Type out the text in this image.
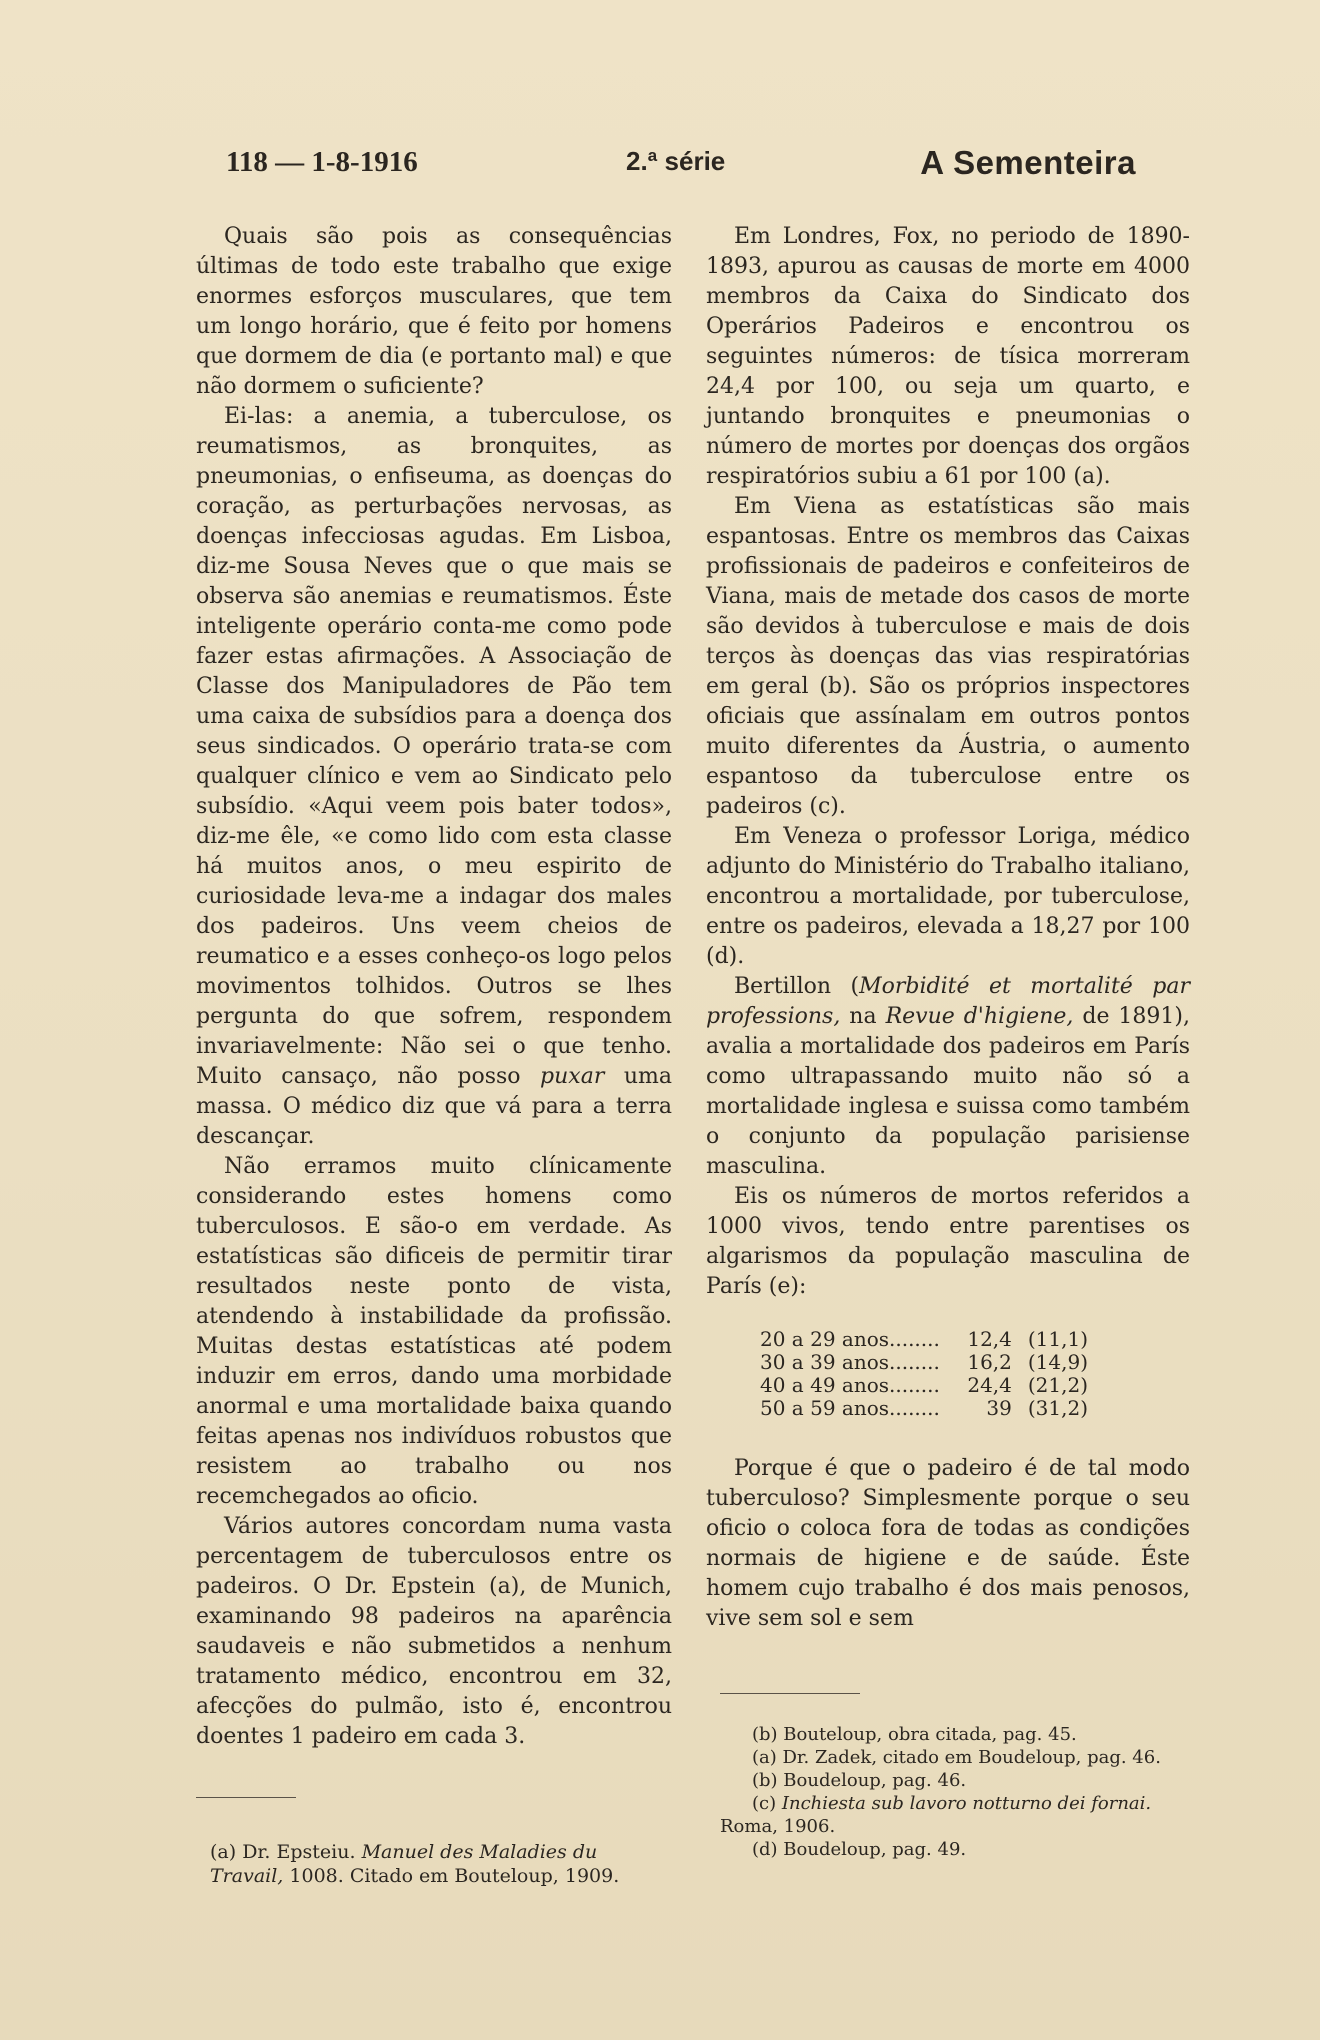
118 — 1-8-1916	2.ª série	A Sementeira

Quais são pois as consequências últimas de todo este trabalho que exige enormes esforços musculares, que tem um longo horário, que é feito por homens que dormem de dia (e portanto mal) e que não dormem o suficiente?

Ei-las: a anemia, a tuberculose, os reumatismos, as bronquites, as pneumonias, o enfiseuma, as doenças do coração, as perturbações nervosas, as doenças infecciosas agudas. Em Lisboa, diz-me Sousa Neves que o que mais se observa são anemias e reumatismos. Éste inteligente operário conta-me como pode fazer estas afirmações. A Associação de Classe dos Manipuladores de Pão tem uma caixa de subsídios para a doença dos seus sindicados. O operário trata-se com qualquer clínico e vem ao Sindicato pelo subsídio. «Aqui veem pois bater todos», diz-me êle, «e como lido com esta classe há muitos anos, o meu espirito de curiosidade leva-me a indagar dos males dos padeiros. Uns veem cheios de reumatico e a esses conheço-os logo pelos movimentos tolhidos. Outros se lhes pergunta do que sofrem, respondem invariavelmente: Não sei o que tenho. Muito cansaço, não posso puxar uma massa. O médico diz que vá para a terra descançar.

Não erramos muito clínicamente considerando estes homens como tuberculosos. E são-o em verdade. As estatísticas são dificeis de permitir tirar resultados neste ponto de vista, atendendo à instabilidade da profissão. Muitas destas estatísticas até podem induzir em erros, dando uma morbidade anormal e uma mortalidade baixa quando feitas apenas nos indivíduos robustos que resistem ao trabalho ou nos recemchegados ao oficio.

Vários autores concordam numa vasta percentagem de tuberculosos entre os padeiros. O Dr. Epstein (a), de Munich, examinando 98 padeiros na aparência saudaveis e não submetidos a nenhum tratamento médico, encontrou em 32, afecções do pulmão, isto é, encontrou doentes 1 padeiro em cada 3.

(a) Dr. Epsteiu. Manuel des Maladies du Travail, 1008. Citado em Bouteloup, 1909.

Em Londres, Fox, no periodo de 1890-1893, apurou as causas de morte em 4000 membros da Caixa do Sindicato dos Operários Padeiros e encontrou os seguintes números: de tísica morreram 24,4 por 100, ou seja um quarto, e juntando bronquites e pneumonias o número de mortes por doenças dos orgãos respiratórios subiu a 61 por 100 (a).

Em Viena as estatísticas são mais espantosas. Entre os membros das Caixas profissionais de padeiros e confeiteiros de Viana, mais de metade dos casos de morte são devidos à tuberculose e mais de dois terços às doenças das vias respiratórias em geral (b). São os próprios inspectores oficiais que assínalam em outros pontos muito diferentes da Áustria, o aumento espantoso da tuberculose entre os padeiros (c).

Em Veneza o professor Loriga, médico adjunto do Ministério do Trabalho italiano, encontrou a mortalidade, por tuberculose, entre os padeiros, elevada a 18,27 por 100 (d).

Bertillon (Morbidité et mortalité par professions, na Revue d'higiene, de 1891), avalia a mortalidade dos padeiros em París como ultrapassando muito não só a mortalidade inglesa e suissa como também o conjunto da população parisiense masculina.

Eis os números de mortos referidos a 1000 vivos, tendo entre parentises os algarismos da população masculina de París (e):

20 a 29 anos........	12,4	(11,1)
30 a 39 anos........	16,2	(14,9)
40 a 49 anos........	24,4	(21,2)
50 a 59 anos........	39	(31,2)

Porque é que o padeiro é de tal modo tuberculoso? Simplesmente porque o seu oficio o coloca fora de todas as condições normais de higiene e de saúde. Éste homem cujo trabalho é dos mais penosos, vive sem sol e sem

(b) Bouteloup, obra citada, pag. 45.

(a) Dr. Zadek, citado em Boudeloup, pag. 46.

(b) Boudeloup, pag. 46.

(c) Inchiesta sub lavoro notturno dei fornai. Roma, 1906.

(d) Boudeloup, pag. 49.
